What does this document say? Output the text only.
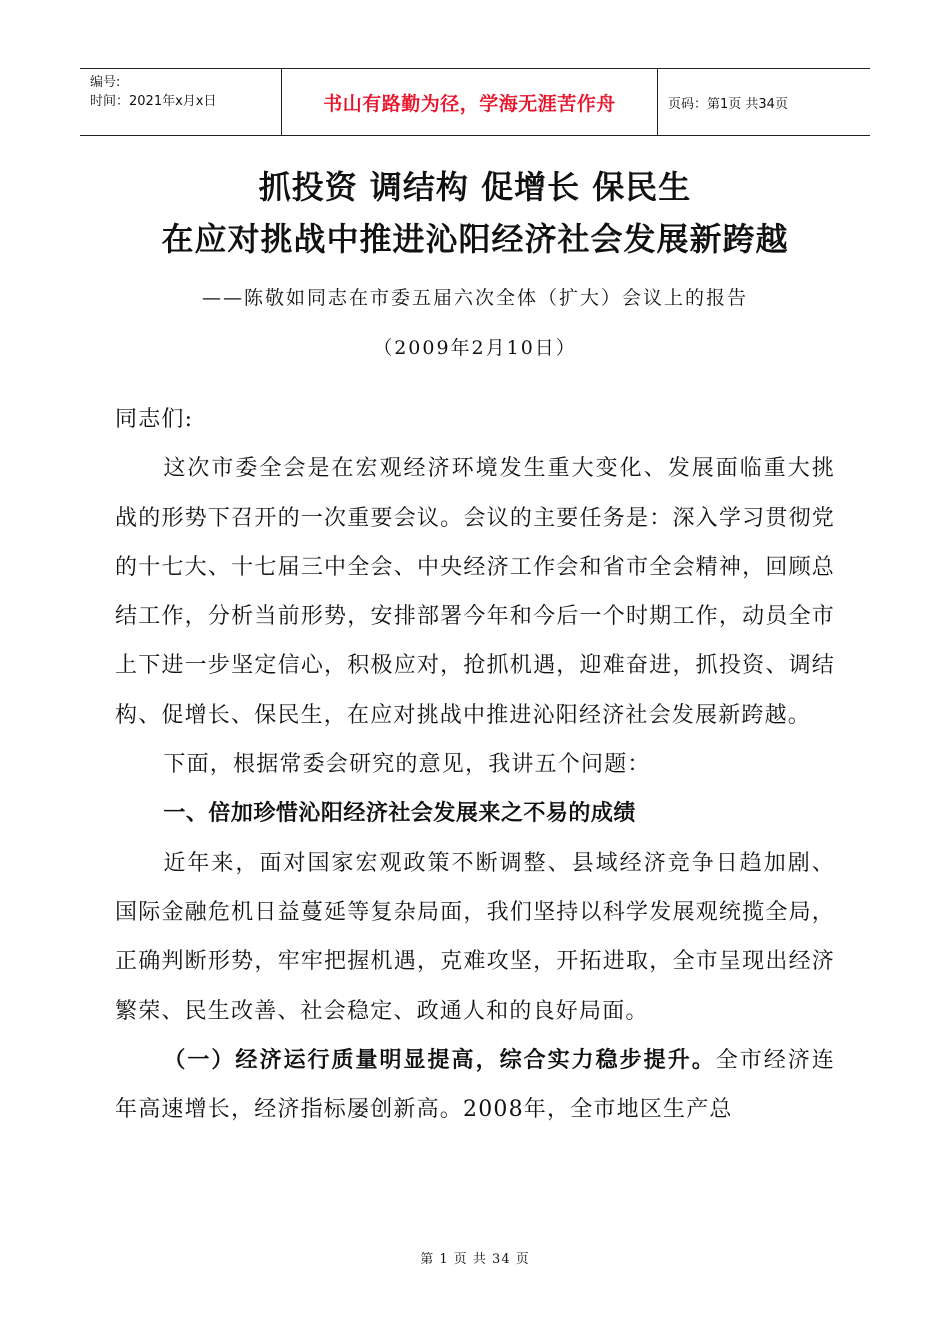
编号:
时间：2021年x月x日	书山有路勤为径，学海无涯苦作舟	页码：第1页 共34页
抓投资 调结构 促增长 保民生
在应对挑战中推进沁阳经济社会发展新跨越
——陈敬如同志在市委五届六次全体（扩大）会议上的报告
（2009年2月10日）

同志们:

这次市委全会是在宏观经济环境发生重大变化、发展面临重大挑战的形势下召开的一次重要会议。会议的主要任务是：深入学习贯彻党的十七大、十七届三中全会、中央经济工作会和省市全会精神，回顾总结工作，分析当前形势，安排部署今年和今后一个时期工作，动员全市上下进一步坚定信心，积极应对，抢抓机遇，迎难奋进，抓投资、调结构、促增长、保民生，在应对挑战中推进沁阳经济社会发展新跨越。

下面，根据常委会研究的意见，我讲五个问题：

一、倍加珍惜沁阳经济社会发展来之不易的成绩

近年来，面对国家宏观政策不断调整、县域经济竞争日趋加剧、国际金融危机日益蔓延等复杂局面，我们坚持以科学发展观统揽全局，正确判断形势，牢牢把握机遇，克难攻坚，开拓进取，全市呈现出经济繁荣、民生改善、社会稳定、政通人和的良好局面。

（一）经济运行质量明显提高，综合实力稳步提升。全市经济连年高速增长，经济指标屡创新高。2008年，全市地区生产总

第 1 页 共 34 页
